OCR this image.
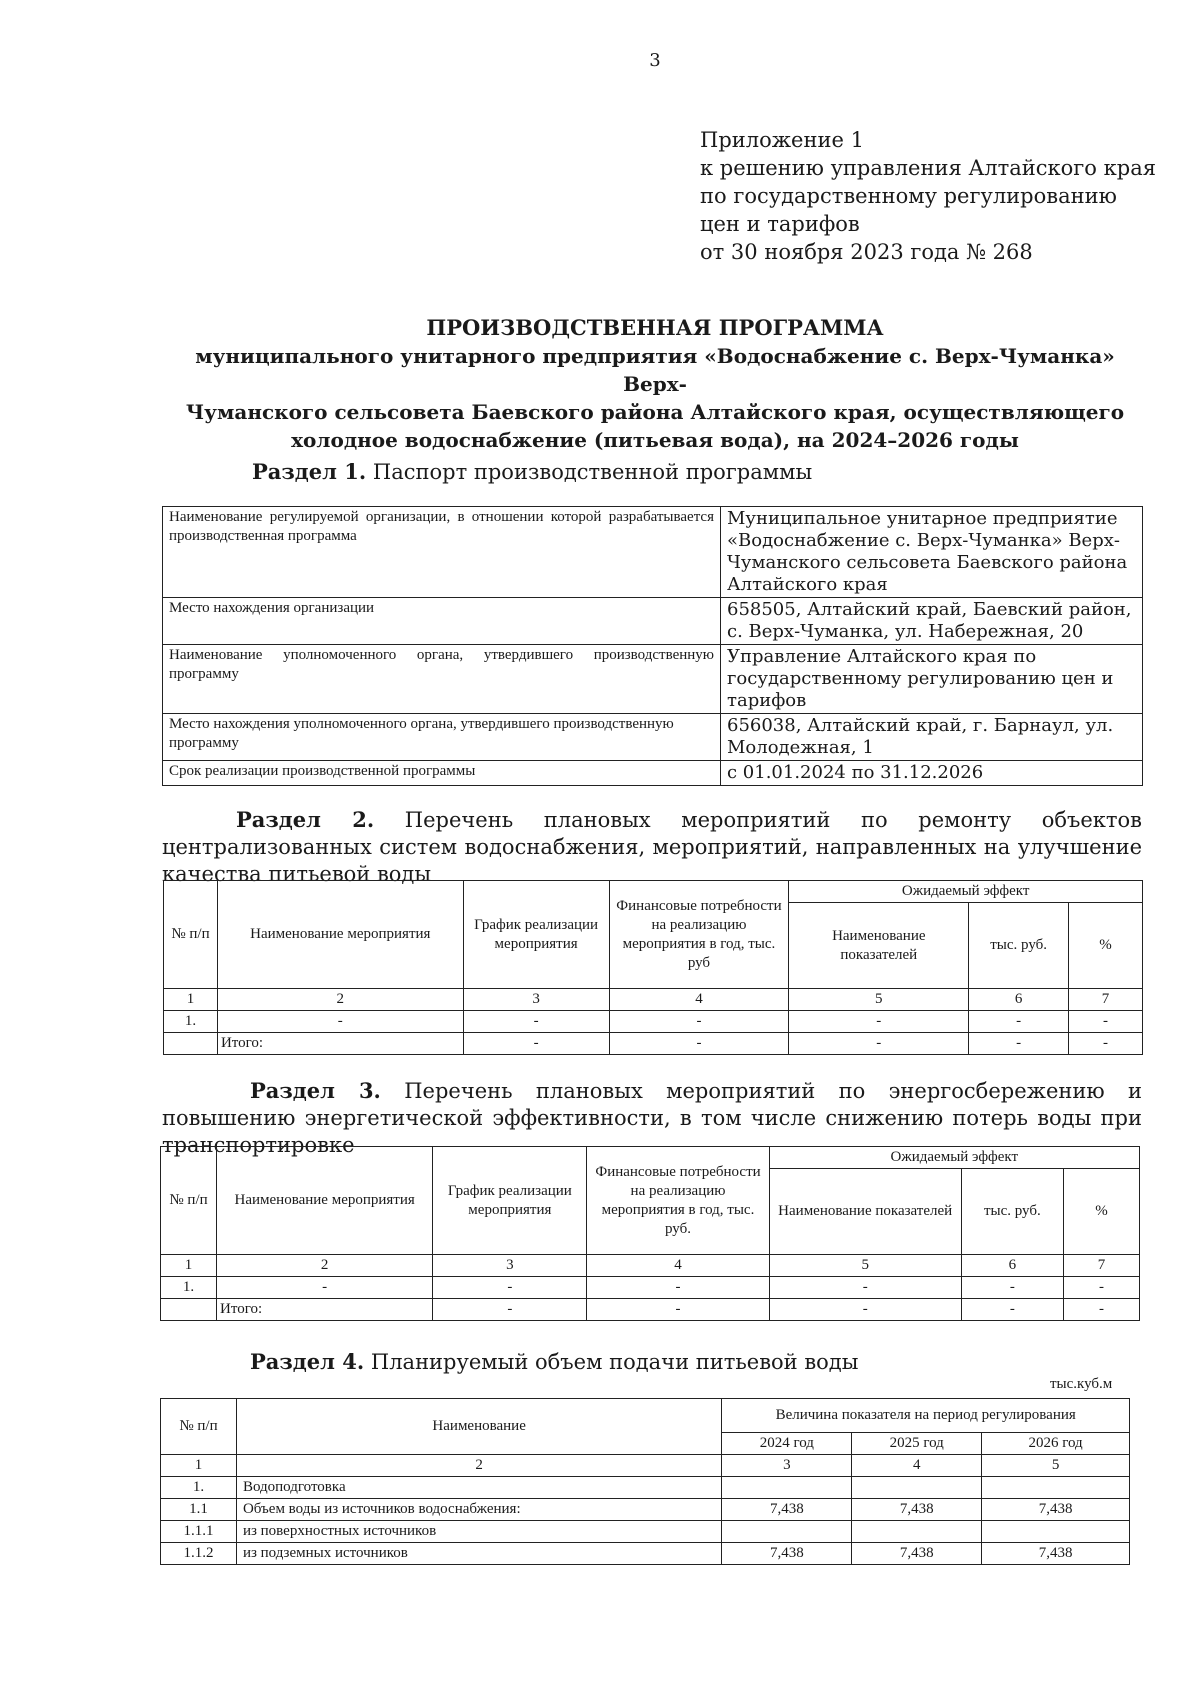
3
Приложение 1
к решению управления Алтайского края
по государственному регулированию
цен и тарифов
от 30 ноября 2023 года № 268
ПРОИЗВОДСТВЕННАЯ ПРОГРАММА
муниципального унитарного предприятия «Водоснабжение с. Верх-Чуманка» Верх-
Чуманского сельсовета Баевского района Алтайского края, осуществляющего
холодное водоснабжение (питьевая вода), на 2024–2026 годы
Раздел 1. Паспорт производственной программы
Наименование регулируемой организации, в отношении которой разрабатывается производственная программа	Муниципальное унитарное предприятие «Водоснабжение с. Верх-Чуманка» Верх-Чуманского сельсовета Баевского района Алтайского края
Место нахождения организации	658505, Алтайский край, Баевский район, с. Верх-Чуманка, ул. Набережная, 20
Наименование уполномоченного органа, утвердившего производственную программу	Управление Алтайского края по государственному регулированию цен и тарифов
Место нахождения уполномоченного органа, утвердившего производственную программу	656038, Алтайский край, г. Барнаул, ул. Молодежная, 1
Срок реализации производственной программы	с 01.01.2024 по 31.12.2026
Раздел 2. Перечень плановых мероприятий по ремонту объектов централизованных систем водоснабжения, мероприятий, направленных на улучшение качества питьевой воды
№ п/п	Наименование мероприятия	График реализации мероприятия	Финансовые потребности на реализацию мероприятия в год, тыс. руб	Ожидаемый эффект		
				Наименование показателей	тыс. руб.	%
1	2	3	4	5	6	7
1.	-	-	-	-	-	-
	Итого:	-	-	-	-	-
Раздел 3. Перечень плановых мероприятий по энергосбережению и повышению энергетической эффективности, в том числе снижению потерь воды при транспортировке
№ п/п	Наименование мероприятия	График реализации мероприятия	Финансовые потребности на реализацию мероприятия в год, тыс. руб.	Ожидаемый эффект		
				Наименование показателей	тыс. руб.	%
1	2	3	4	5	6	7
1.	-	-	-	-	-	-
	Итого:	-	-	-	-	-
Раздел 4. Планируемый объем подачи питьевой воды
тыс.куб.м
№ п/п	Наименование	Величина показателя на период регулирования		
		2024 год	2025 год	2026 год
1	2	3	4	5
1.	Водоподготовка			
1.1	Объем воды из источников водоснабжения:	7,438	7,438	7,438
1.1.1	из поверхностных источников			
1.1.2	из подземных источников	7,438	7,438	7,438
